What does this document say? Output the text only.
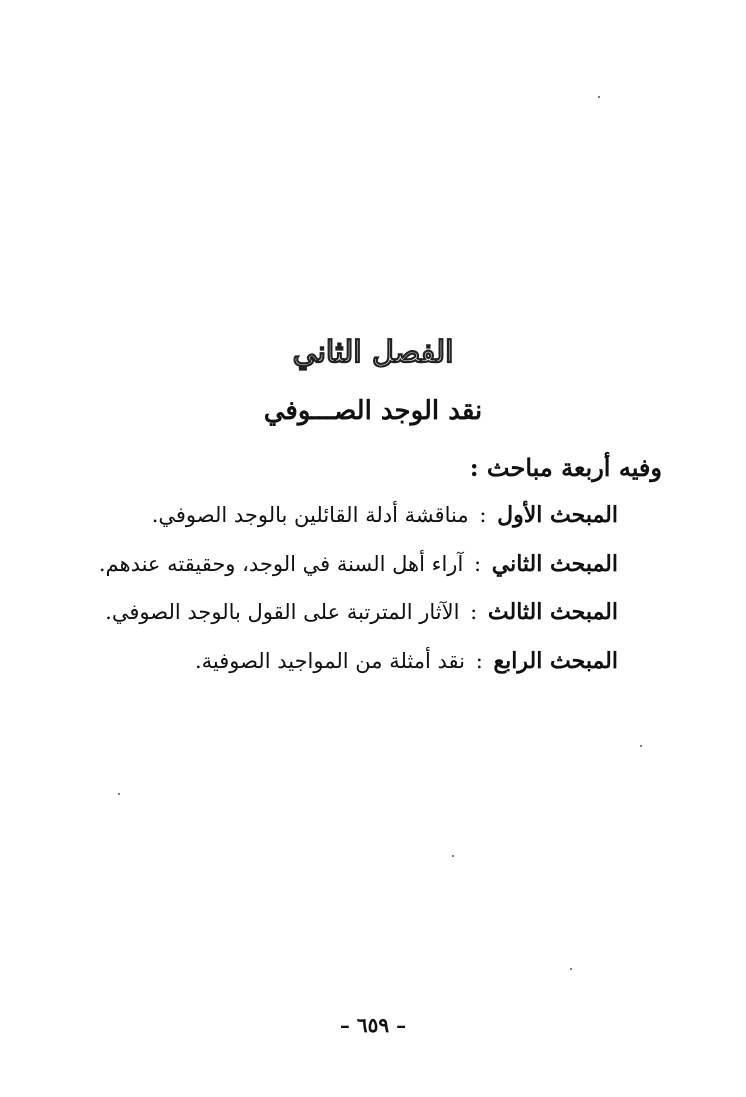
الفصل الثاني
نقد الوجد الصـــوفي
وفيه أربعة مباحث :
المبحث الأول : مناقشة أدلة القائلين بالوجد الصوفي.
المبحث الثاني : آراء أهل السنة في الوجد، وحقيقته عندهم.
المبحث الثالث : الآثار المترتبة على القول بالوجد الصوفي.
المبحث الرابع : نقد أمثلة من المواجيد الصوفية.
– ٦٥٩ –
